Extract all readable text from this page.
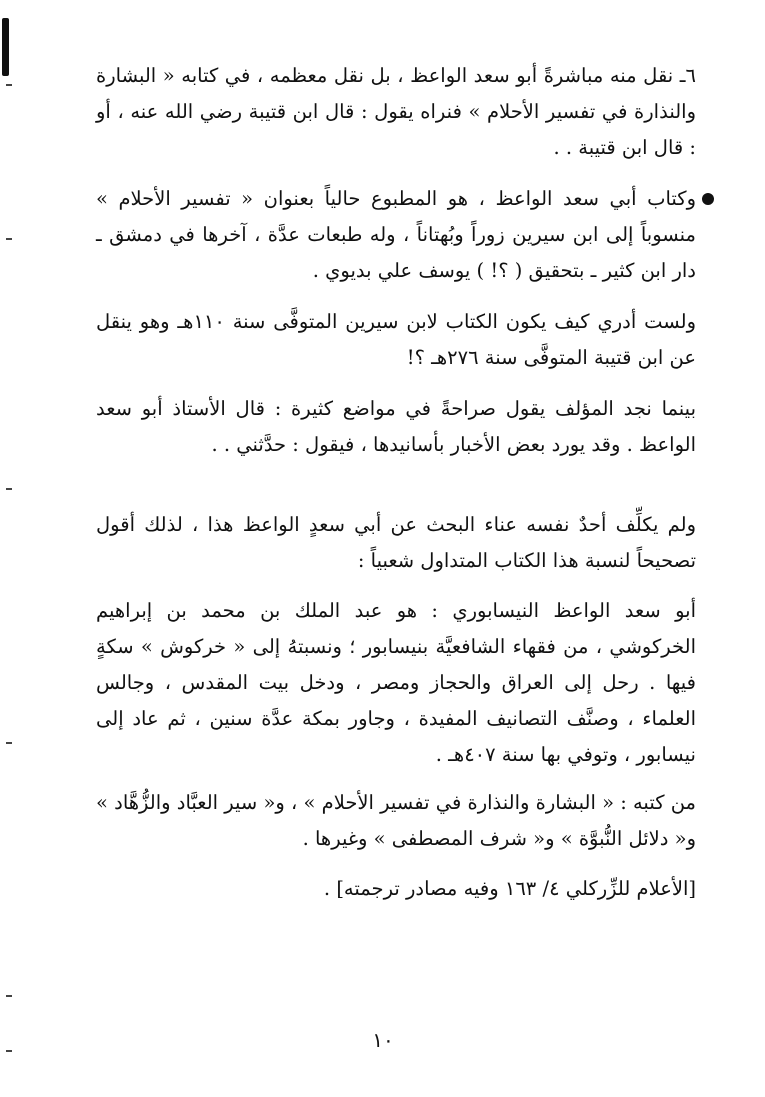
٦ـ نقل منه مباشرةً أبو سعد الواعظ ، بل نقل معظمه ، في كتابه « البشارة والنذارة في تفسير الأحلام » فنراه يقول : قال ابن قتيبة رضي الله عنه ، أو : قال ابن قتيبة . .

وكتاب أبي سعد الواعظ ، هو المطبوع حالياً بعنوان « تفسير الأحلام » منسوباً إلى ابن سيرين زوراً وبُهتاناً ، وله طبعات عدَّة ، آخرها في دمشق ـ دار ابن كثير ـ بتحقيق ( ؟! ) يوسف علي بديوي .

ولست أدري كيف يكون الكتاب لابن سيرين المتوفَّى سنة ١١٠هـ وهو ينقل عن ابن قتيبة المتوفَّى سنة ٢٧٦هـ ؟!

بينما نجد المؤلف يقول صراحةً في مواضع كثيرة : قال الأستاذ أبو سعد الواعظ . وقد يورد بعض الأخبار بأسانيدها ، فيقول : حدَّثني . .

ولم يكلِّف أحدٌ نفسه عناء البحث عن أبي سعدٍ الواعظ هذا ، لذلك أقول تصحيحاً لنسبة هذا الكتاب المتداول شعبياً :

أبو سعد الواعظ النيسابوري : هو عبد الملك بن محمد بن إبراهيم الخركوشي ، من فقهاء الشافعيَّة بنيسابور ؛ ونسبتهُ إلى « خركوش » سكةٍ فيها . رحل إلى العراق والحجاز ومصر ، ودخل بيت المقدس ، وجالس العلماء ، وصنَّف التصانيف المفيدة ، وجاور بمكة عدَّة سنين ، ثم عاد إلى نيسابور ، وتوفي بها سنة ٤٠٧هـ .

من كتبه : « البشارة والنذارة في تفسير الأحلام » ، و« سير العبَّاد والزُّهَّاد » و« دلائل النُّبوَّة » و« شرف المصطفى » وغيرها .

[الأعلام للزِّركلي ٤/ ١٦٣ وفيه مصادر ترجمته] .

١٠
